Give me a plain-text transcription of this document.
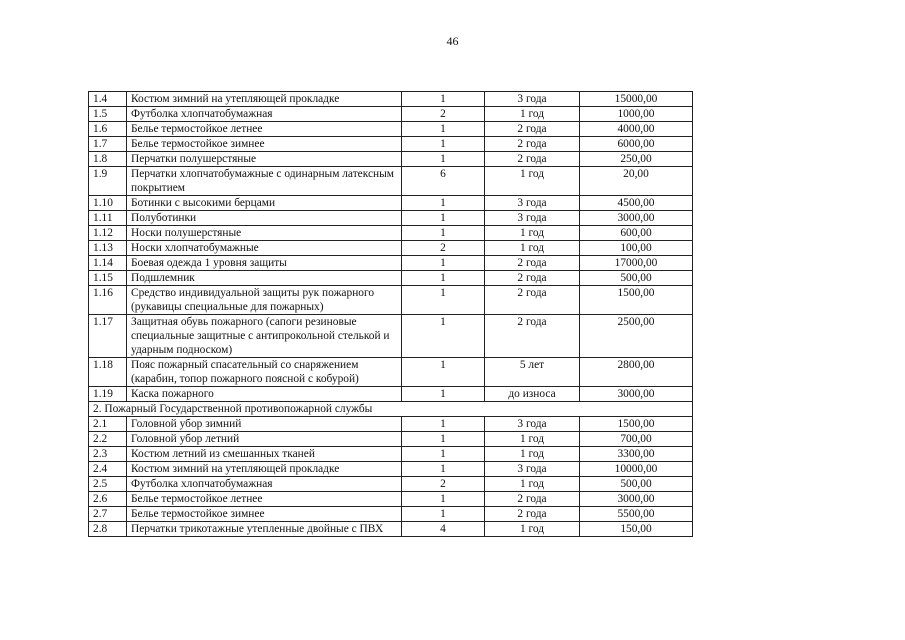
46
1.4	Костюм зимний на утепляющей прокладке	1	3 года	15000,00
1.5	Футболка хлопчатобумажная	2	1 год	1000,00
1.6	Белье термостойкое летнее	1	2 года	4000,00
1.7	Белье термостойкое зимнее	1	2 года	6000,00
1.8	Перчатки полушерстяные	1	2 года	250,00
1.9	Перчатки хлопчатобумажные с одинарным латексным покрытием	6	1 год	20,00
1.10	Ботинки с высокими берцами	1	3 года	4500,00
1.11	Полуботинки	1	3 года	3000,00
1.12	Носки полушерстяные	1	1 год	600,00
1.13	Носки хлопчатобумажные	2	1 год	100,00
1.14	Боевая одежда 1 уровня защиты	1	2 года	17000,00
1.15	Подшлемник	1	2 года	500,00
1.16	Средство индивидуальной защиты рук пожарного (рукавицы специальные для пожарных)	1	2 года	1500,00
1.17	Защитная обувь пожарного (сапоги резиновые специальные защитные с антипрокольной стелькой и ударным подноском)	1	2 года	2500,00
1.18	Пояс пожарный спасательный со снаряжением (карабин, топор пожарного поясной с кобурой)	1	5 лет	2800,00
1.19	Каска пожарного	1	до износа	3000,00
2. Пожарный Государственной противопожарной службы				
2.1	Головной убор зимний	1	3 года	1500,00
2.2	Головной убор летний	1	1 год	700,00
2.3	Костюм летний из смешанных тканей	1	1 год	3300,00
2.4	Костюм зимний на утепляющей прокладке	1	3 года	10000,00
2.5	Футболка хлопчатобумажная	2	1 год	500,00
2.6	Белье термостойкое летнее	1	2 года	3000,00
2.7	Белье термостойкое зимнее	1	2 года	5500,00
2.8	Перчатки трикотажные утепленные двойные с ПВХ	4	1 год	150,00
